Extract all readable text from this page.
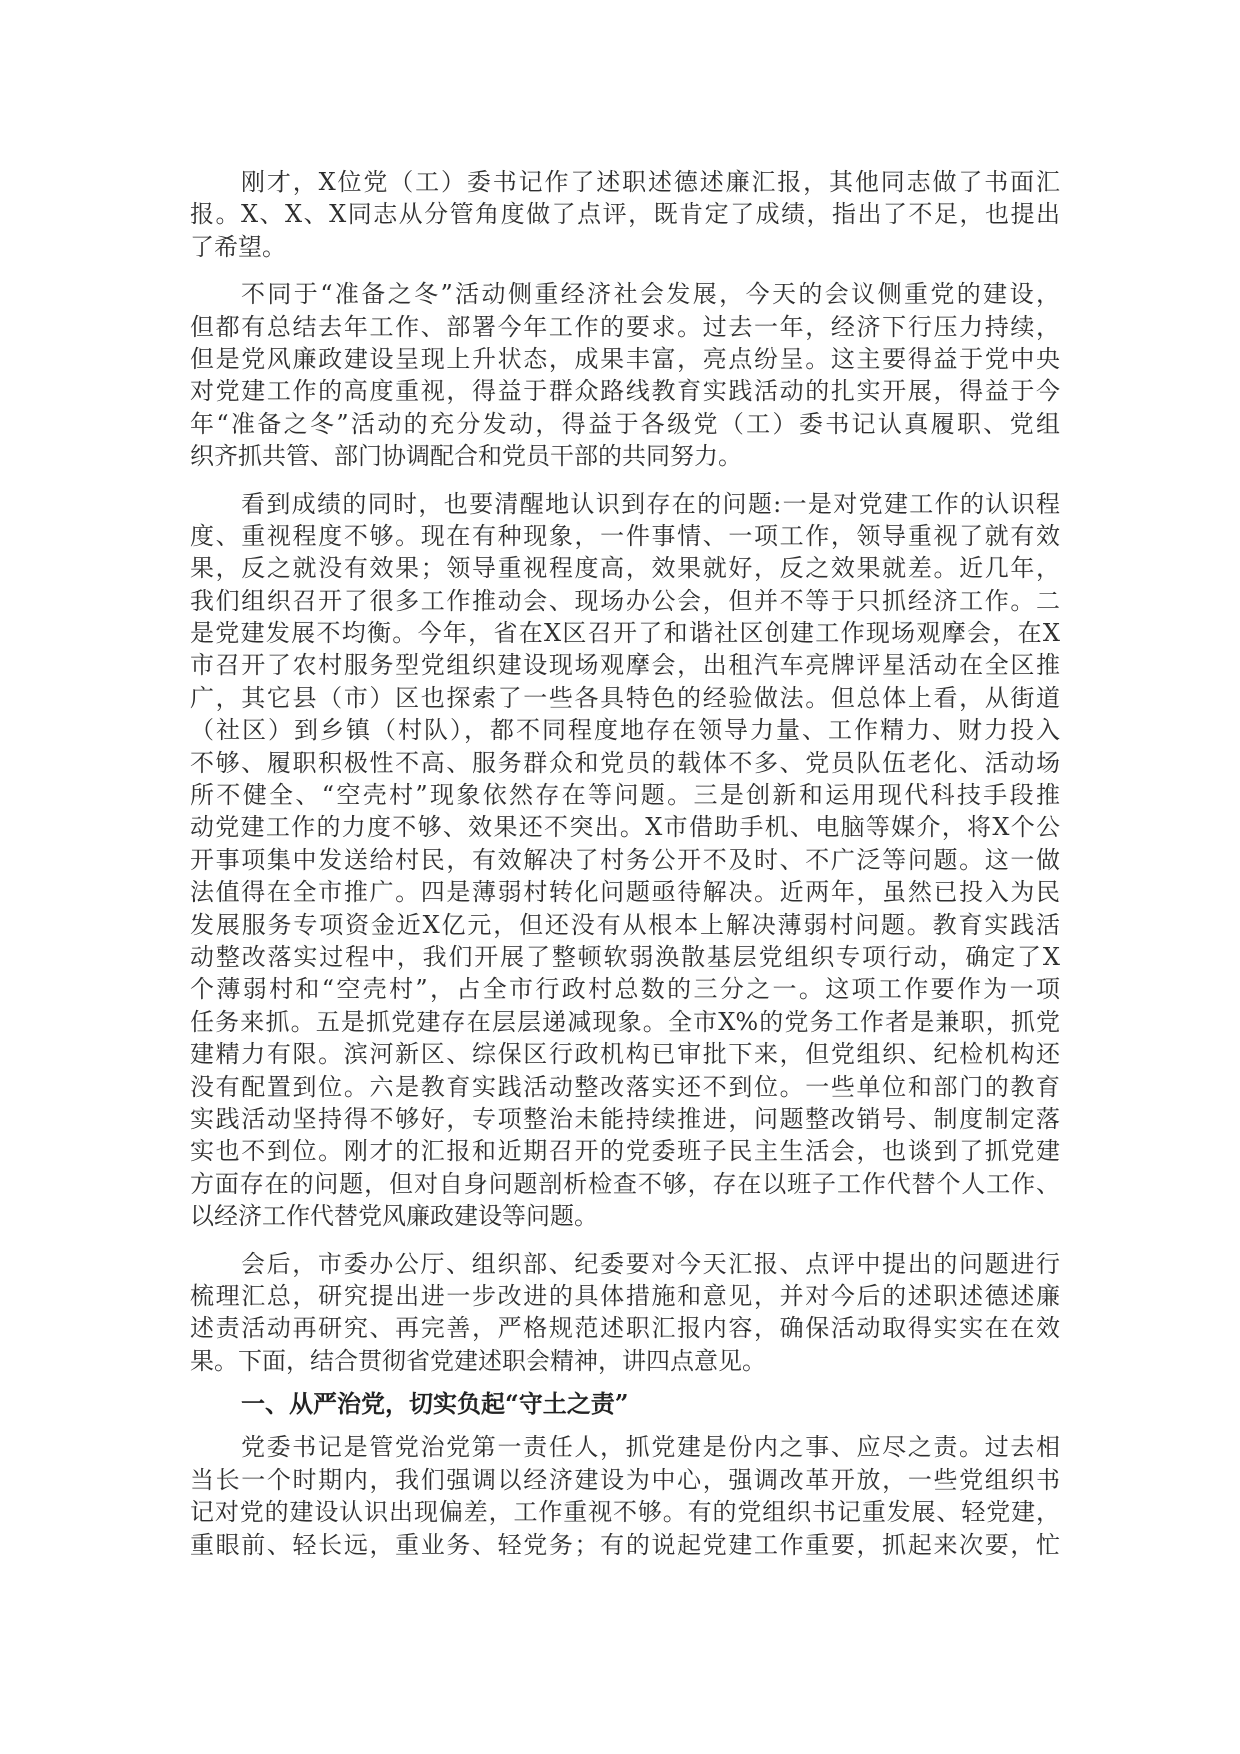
刚才，X位党（工）委书记作了述职述德述廉汇报，其他同志做了书面汇
报。X、X、X同志从分管角度做了点评，既肯定了成绩，指出了不足，也提出
了希望。
不同于“准备之冬”活动侧重经济社会发展，今天的会议侧重党的建设，
但都有总结去年工作、部署今年工作的要求。过去一年，经济下行压力持续，
但是党风廉政建设呈现上升状态，成果丰富，亮点纷呈。这主要得益于党中央
对党建工作的高度重视，得益于群众路线教育实践活动的扎实开展，得益于今
年“准备之冬”活动的充分发动，得益于各级党（工）委书记认真履职、党组
织齐抓共管、部门协调配合和党员干部的共同努力。
看到成绩的同时，也要清醒地认识到存在的问题:一是对党建工作的认识程
度、重视程度不够。现在有种现象，一件事情、一项工作，领导重视了就有效
果，反之就没有效果；领导重视程度高，效果就好，反之效果就差。近几年，
我们组织召开了很多工作推动会、现场办公会，但并不等于只抓经济工作。二
是党建发展不均衡。今年，省在X区召开了和谐社区创建工作现场观摩会，在X
市召开了农村服务型党组织建设现场观摩会，出租汽车亮牌评星活动在全区推
广，其它县（市）区也探索了一些各具特色的经验做法。但总体上看，从街道
（社区）到乡镇（村队），都不同程度地存在领导力量、工作精力、财力投入
不够、履职积极性不高、服务群众和党员的载体不多、党员队伍老化、活动场
所不健全、“空壳村”现象依然存在等问题。三是创新和运用现代科技手段推
动党建工作的力度不够、效果还不突出。X市借助手机、电脑等媒介，将X个公
开事项集中发送给村民，有效解决了村务公开不及时、不广泛等问题。这一做
法值得在全市推广。四是薄弱村转化问题亟待解决。近两年，虽然已投入为民
发展服务专项资金近X亿元，但还没有从根本上解决薄弱村问题。教育实践活
动整改落实过程中，我们开展了整顿软弱涣散基层党组织专项行动，确定了X
个薄弱村和“空壳村”，占全市行政村总数的三分之一。这项工作要作为一项
任务来抓。五是抓党建存在层层递减现象。全市X%的党务工作者是兼职，抓党
建精力有限。滨河新区、综保区行政机构已审批下来，但党组织、纪检机构还
没有配置到位。六是教育实践活动整改落实还不到位。一些单位和部门的教育
实践活动坚持得不够好，专项整治未能持续推进，问题整改销号、制度制定落
实也不到位。刚才的汇报和近期召开的党委班子民主生活会，也谈到了抓党建
方面存在的问题，但对自身问题剖析检查不够，存在以班子工作代替个人工作、
以经济工作代替党风廉政建设等问题。
会后，市委办公厅、组织部、纪委要对今天汇报、点评中提出的问题进行
梳理汇总，研究提出进一步改进的具体措施和意见，并对今后的述职述德述廉
述责活动再研究、再完善，严格规范述职汇报内容，确保活动取得实实在在效
果。下面，结合贯彻省党建述职会精神，讲四点意见。
一、从严治党，切实负起“守土之责”
党委书记是管党治党第一责任人，抓党建是份内之事、应尽之责。过去相
当长一个时期内，我们强调以经济建设为中心，强调改革开放，一些党组织书
记对党的建设认识出现偏差，工作重视不够。有的党组织书记重发展、轻党建，
重眼前、轻长远，重业务、轻党务；有的说起党建工作重要，抓起来次要，忙
